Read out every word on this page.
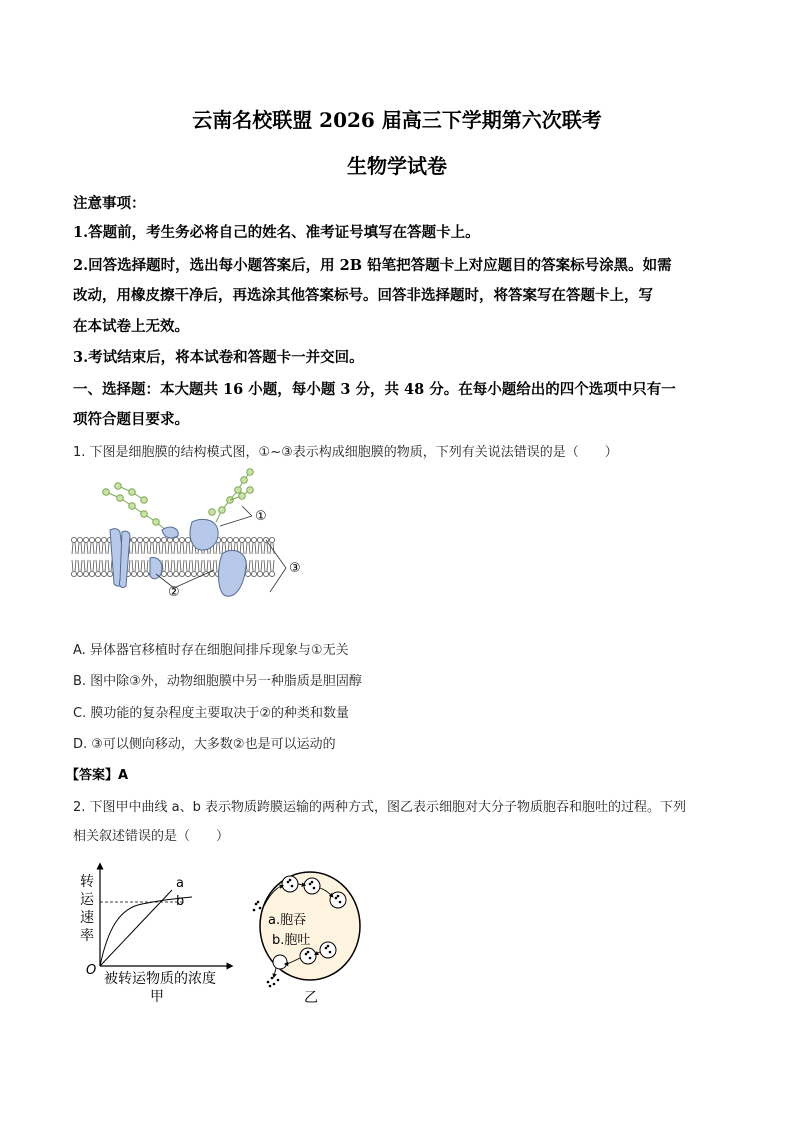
云南名校联盟 2026 届高三下学期第六次联考
生物学试卷
注意事项：
1.答题前，考生务必将自己的姓名、准考证号填写在答题卡上。
2.回答选择题时，选出每小题答案后，用 2B 铅笔把答题卡上对应题目的答案标号涂黑。如需
改动，用橡皮擦干净后，再选涂其他答案标号。回答非选择题时，将答案写在答题卡上，写
在本试卷上无效。
3.考试结束后，将本试卷和答题卡一并交回。
一、选择题：本大题共 16 小题，每小题 3 分，共 48 分。在每小题给出的四个选项中只有一
项符合题目要求。
1. 下图是细胞膜的结构模式图，①~③表示构成细胞膜的物质，下列有关说法错误的是（　　）
①
②
③
A. 异体器官移植时存在细胞间排斥现象与①无关
B. 图中除③外，动物细胞膜中另一种脂质是胆固醇
C. 膜功能的复杂程度主要取决于②的种类和数量
D. ③可以侧向移动，大多数②也是可以运动的
【答案】A
2. 下图甲中曲线 a、b 表示物质跨膜运输的两种方式，图乙表示细胞对大分子物质胞吞和胞吐的过程。下列
相关叙述错误的是（　　）
转
运
速
率
O
a
b
被转运物质的浓度
甲
a.胞吞
b.胞吐
乙
